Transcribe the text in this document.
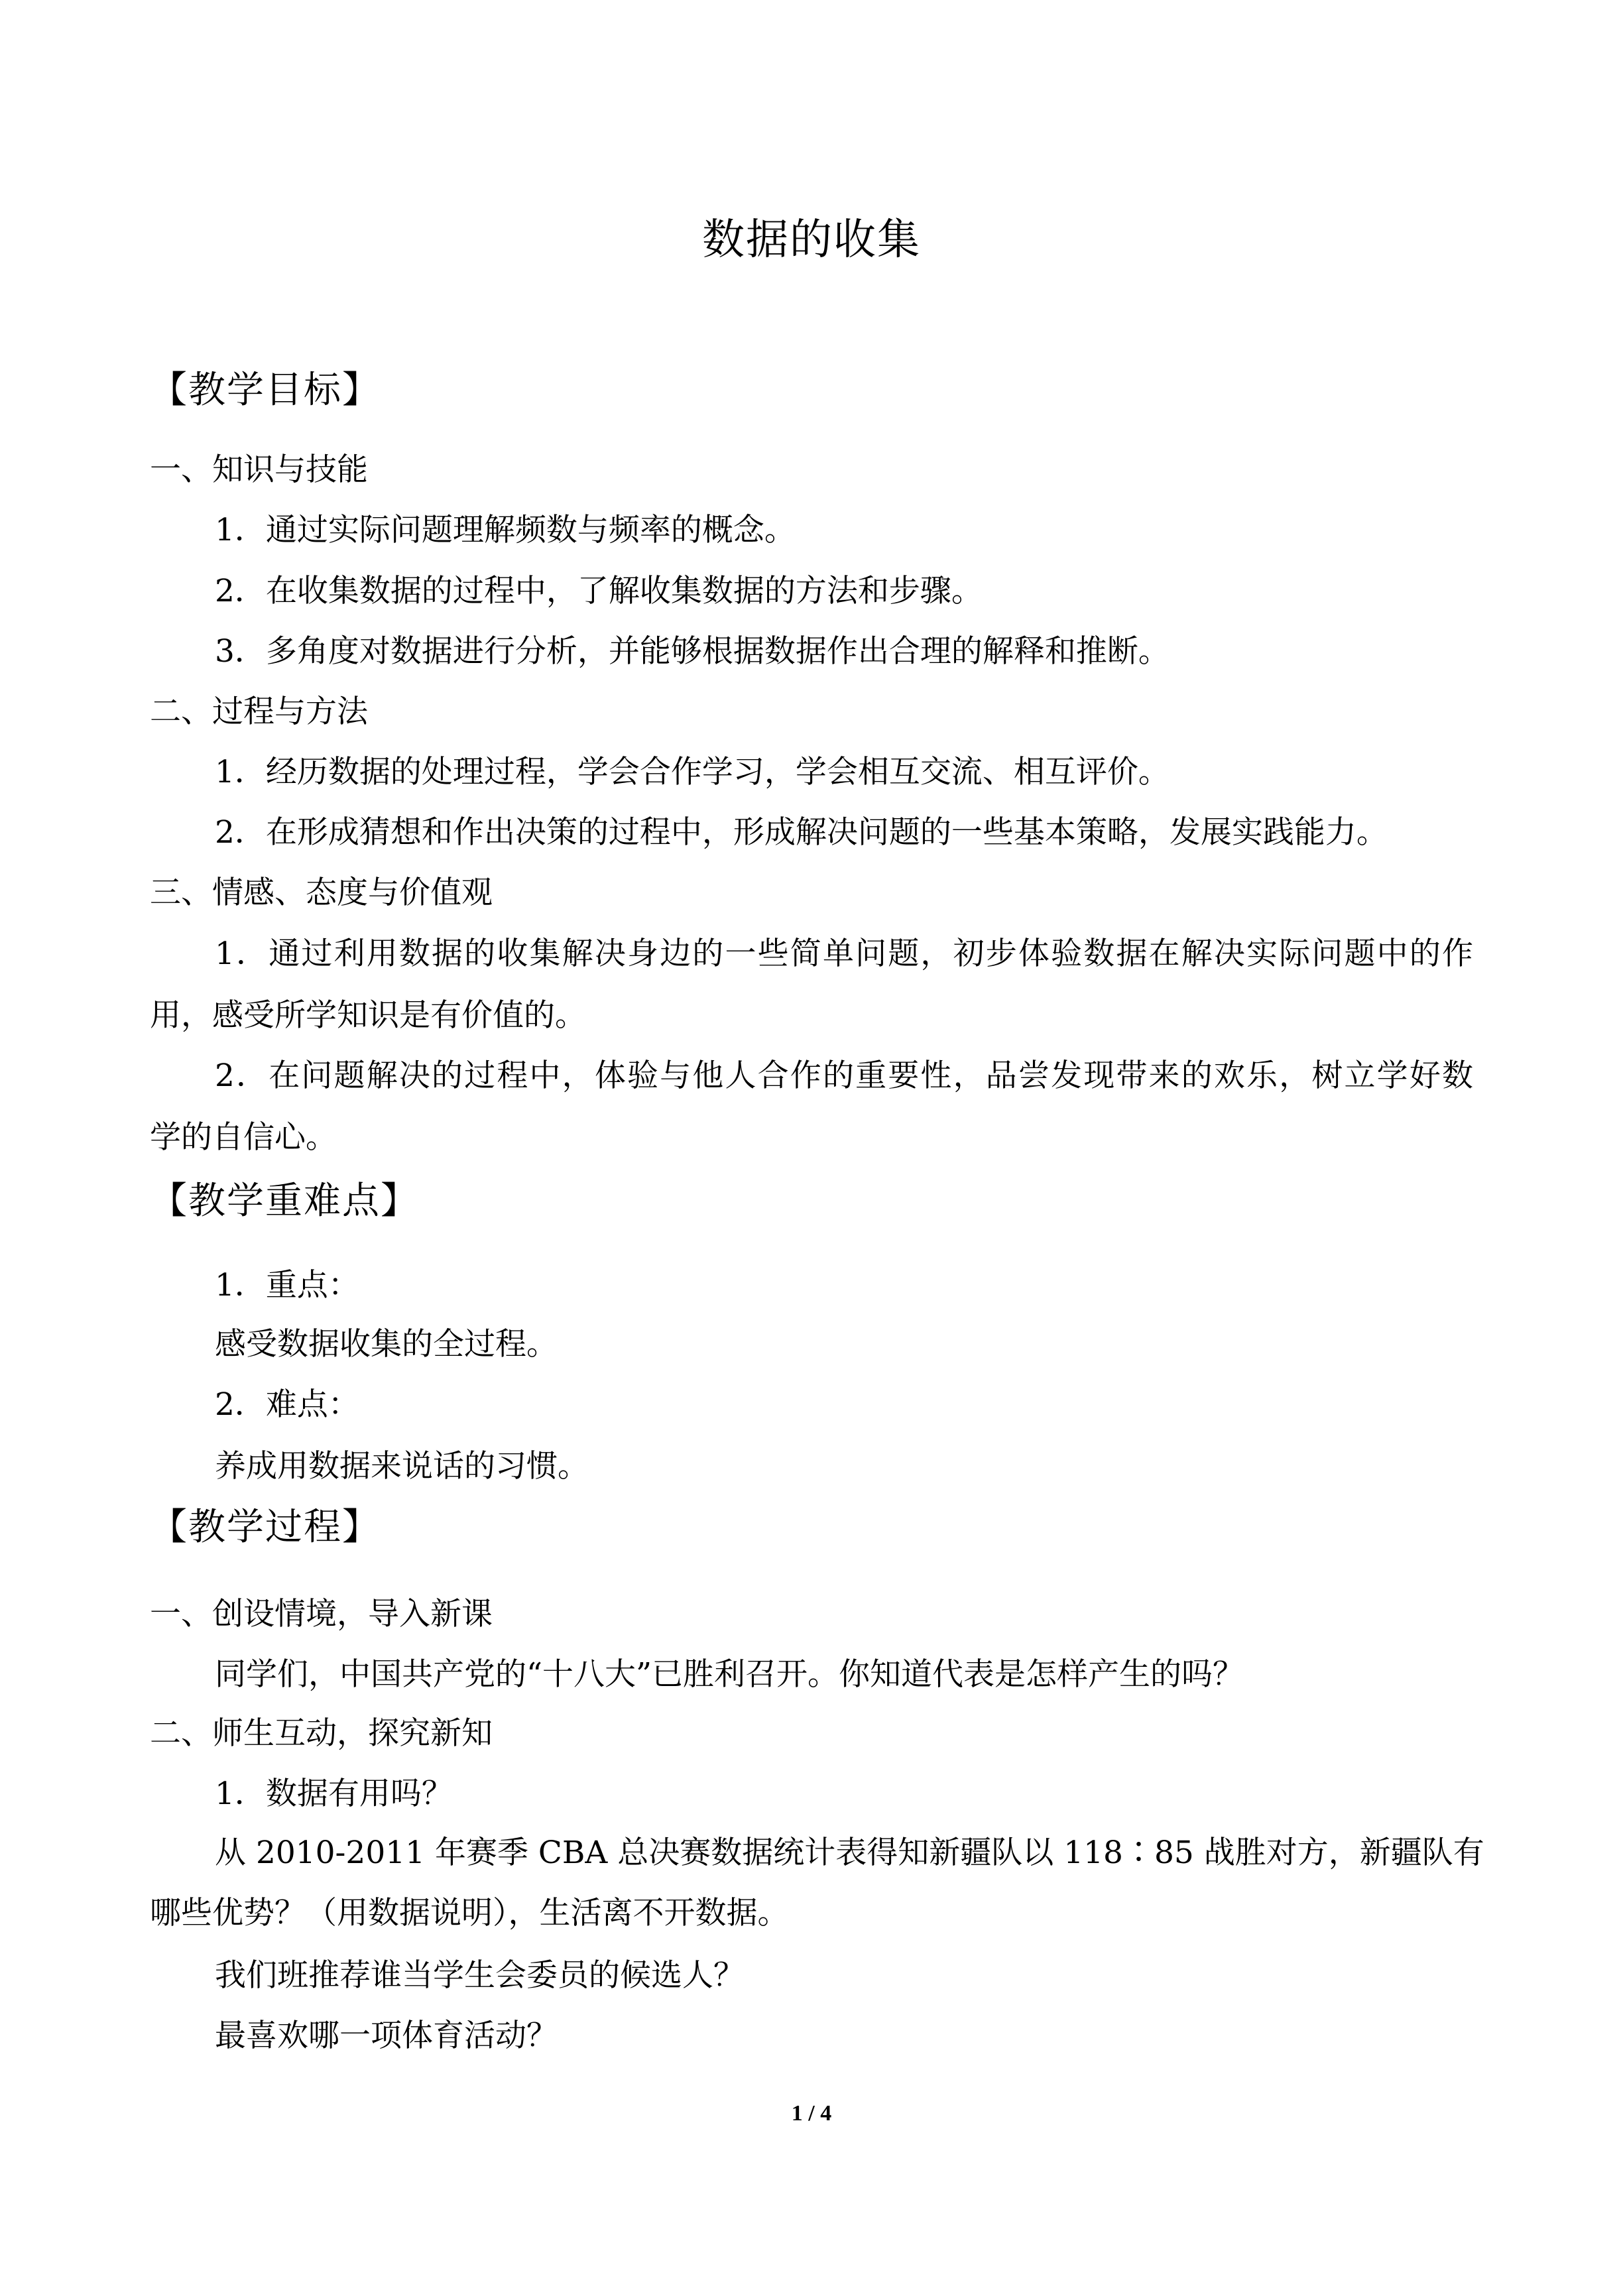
数据的收集
【教学目标】
一、知识与技能
1．通过实际问题理解频数与频率的概念。
2．在收集数据的过程中，了解收集数据的方法和步骤。
3．多角度对数据进行分析，并能够根据数据作出合理的解释和推断。
二、过程与方法
1．经历数据的处理过程，学会合作学习，学会相互交流、相互评价。
2．在形成猜想和作出决策的过程中，形成解决问题的一些基本策略，发展实践能力。
三、情感、态度与价值观
1．通过利用数据的收集解决身边的一些简单问题，初步体验数据在解决实际问题中的作
用，感受所学知识是有价值的。
2．在问题解决的过程中，体验与他人合作的重要性，品尝发现带来的欢乐，树立学好数
学的自信心。
【教学重难点】
1．重点：
感受数据收集的全过程。
2．难点：
养成用数据来说话的习惯。
【教学过程】
一、创设情境，导入新课
同学们，中国共产党的“十八大”已胜利召开。你知道代表是怎样产生的吗？
二、师生互动，探究新知
1．数据有用吗？
从 2010-2011 年赛季 CBA 总决赛数据统计表得知新疆队以 118∶85 战胜对方，新疆队有
哪些优势？（用数据说明），生活离不开数据。
我们班推荐谁当学生会委员的候选人？
最喜欢哪一项体育活动？
1 / 4
